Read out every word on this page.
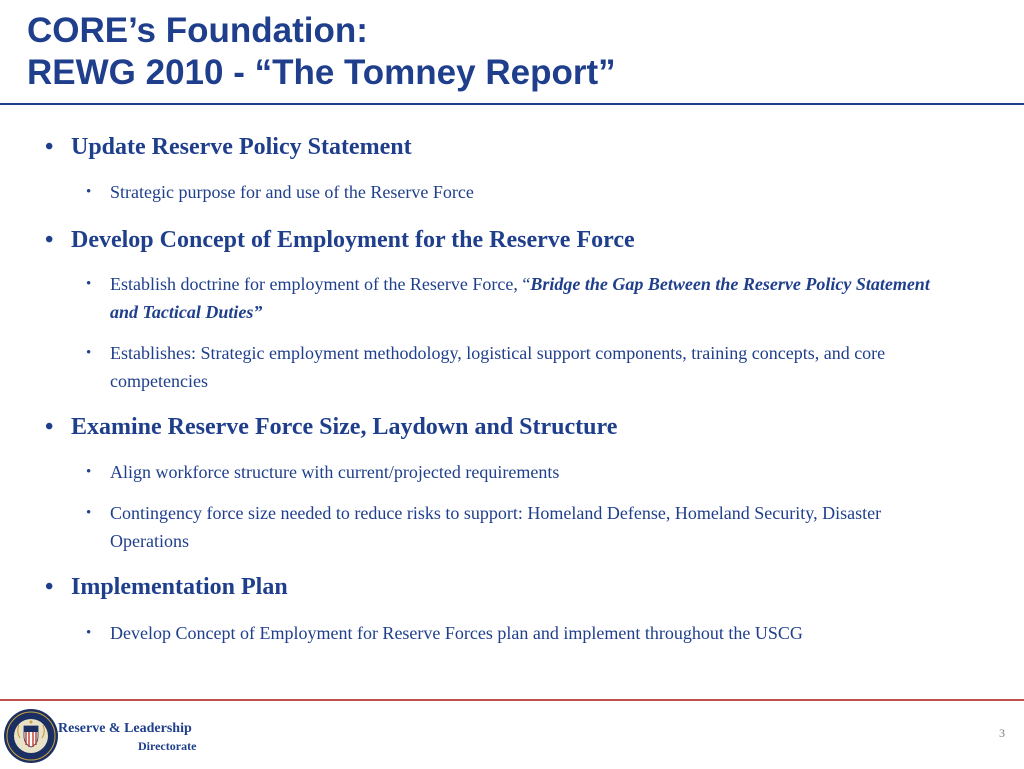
CORE’s Foundation:
REWG 2010 - “The Tomney Report”
• Update Reserve Policy Statement
• Strategic purpose for and use of the Reserve Force
• Develop Concept of Employment for the Reserve Force
• Establish doctrine for employment of the Reserve Force, “Bridge the Gap Between the Reserve Policy Statement and Tactical Duties”
• Establishes: Strategic employment methodology, logistical support components, training concepts, and core competencies
• Examine Reserve Force Size, Laydown and Structure
• Align workforce structure with current/projected requirements
• Contingency force size needed to reduce risks to support: Homeland Defense, Homeland Security, Disaster Operations
• Implementation Plan
• Develop Concept of Employment for Reserve Forces plan and implement throughout the USCG
Reserve & Leadership
Directorate
3
